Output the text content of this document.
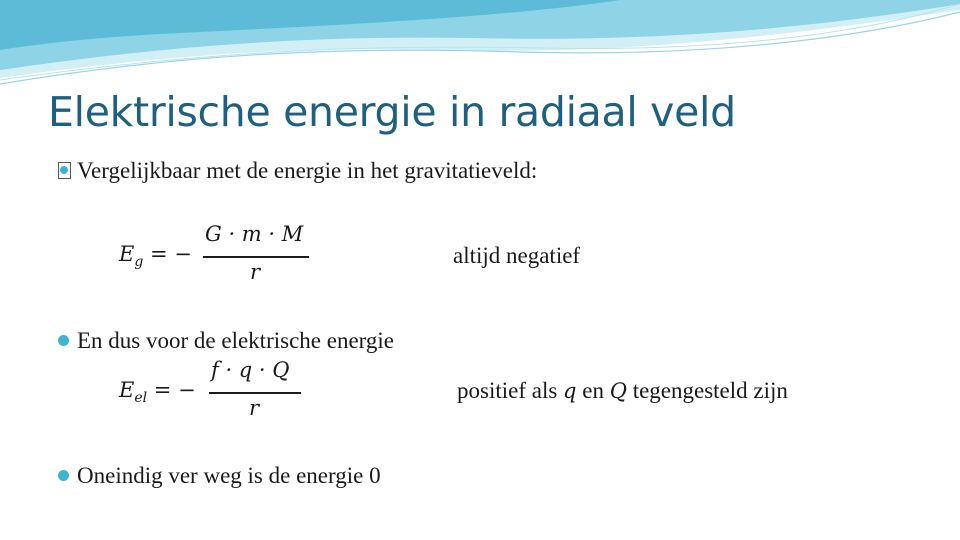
Elektrische energie in radiaal veld
Vergelijkbaar met de energie in het gravitatieveld:
$E_g$ = −
G · m · M
r
altijd negatief
En dus voor de elektrische energie
$E_{el}$ = −
f · q · Q
r
positief als q en Q tegengesteld zijn
Oneindig ver weg is de energie 0
